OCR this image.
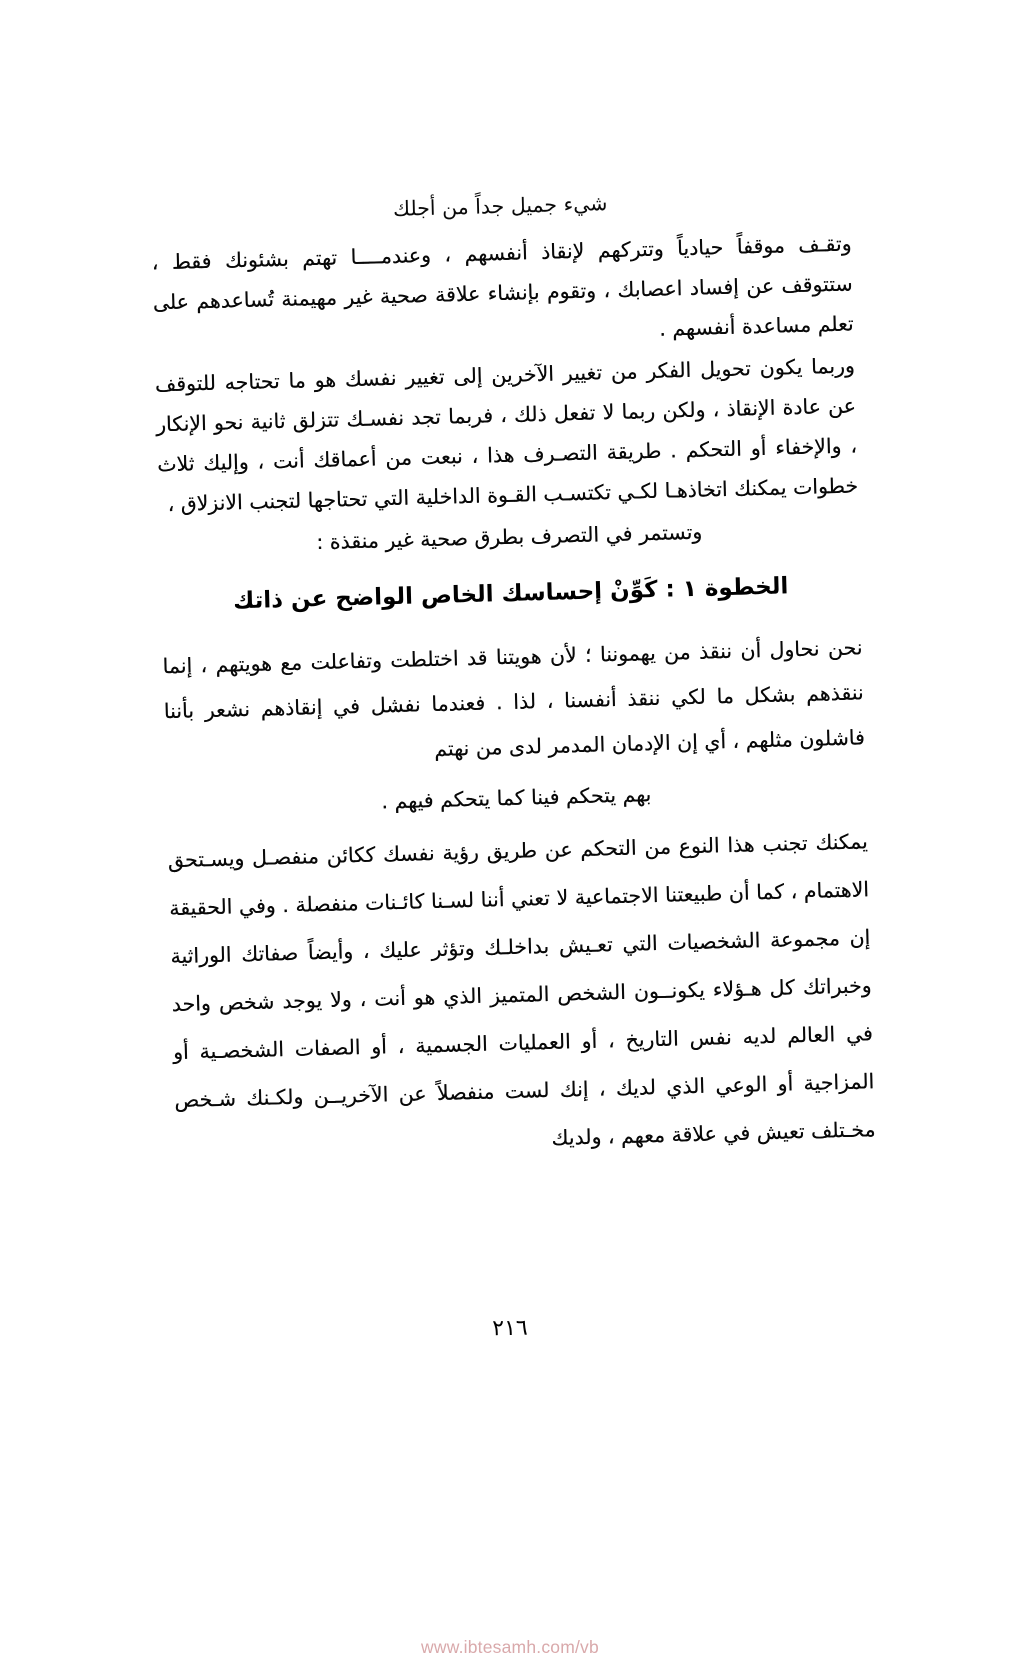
شيء جميل جداً من أجلك

وتقـف موقفاً حيادياً وتتركهم لإنقاذ أنفسهم ، وعندمــــا تهتم بشئونك فقط ، ستتوقف عن إفساد اعصابك ، وتقوم بإنشاء علاقة صحية غير مهيمنة تُساعدهم على تعلم مساعدة أنفسهم .

وربما يكون تحويل الفكر من تغيير الآخرين إلى تغيير نفسك هو ما تحتاجه للتوقف عن عادة الإنقاذ ، ولكن ربما لا تفعل ذلك ، فربما تجد نفسـك تتزلق ثانية نحو الإنكار ، والإخفاء أو التحكم . طريقة التصـرف هذا ، نبعت من أعماقك أنت ، وإليك ثلاث خطوات يمكنك اتخاذهـا لكـي تكتسـب القـوة الداخلية التي تحتاجها لتجنب الانزلاق ،

وتستمر في التصرف بطرق صحية غير منقذة :

الخطوة ١ : كَوِّنْ إحساسك الخاص الواضح عن ذاتك

نحن نحاول أن ننقذ من يهموننا ؛ لأن هويتنا قد اختلطت وتفاعلت مع هويتهم ، إنما ننقذهم بشكل ما لكي ننقذ أنفسنا ، لذا . فعندما نفشل في إنقاذهم نشعر بأننا فاشلون مثلهم ، أي إن الإدمان المدمر لدى من نهتم

بهم يتحكم فينا كما يتحكم فيهم .

يمكنك تجنب هذا النوع من التحكم عن طريق رؤية نفسك ككائن منفصـل ويسـتحق الاهتمام ، كما أن طبيعتنا الاجتماعية لا تعني أننا لسـنا كائـنات منفصلة . وفي الحقيقة إن مجموعة الشخصيات التي تعـيش بداخلـك وتؤثر عليك ، وأيضاً صفاتك الوراثية وخبراتك كل هـؤلاء يكونــون الشخص المتميز الذي هو أنت ، ولا يوجد شخص واحد في العالم لديه نفس التاريخ ، أو العمليات الجسمية ، أو الصفات الشخصـية أو المزاجية أو الوعي الذي لديك ، إنك لست منفصلاً عن الآخريــن ولكـنك شـخص مخـتلف تعيش في علاقة معهم ، ولديك

٢١٦
www.ibtesamh.com/vb
